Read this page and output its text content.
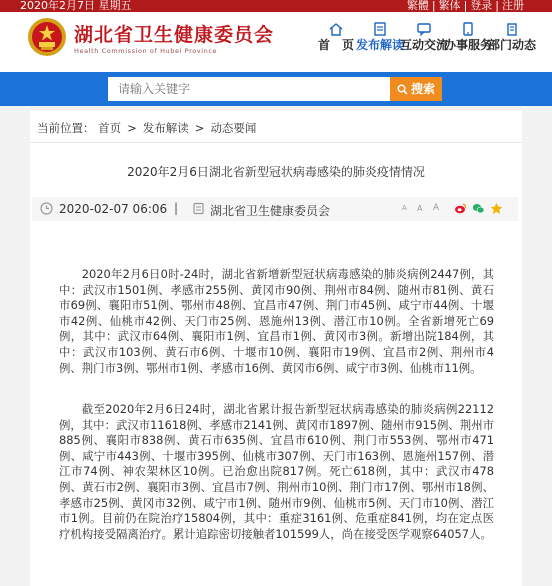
2020年2月7日 星期五	繁體 | 繁体 | 登录 | 注册
湖北省卫生健康委员会
Health Commission of Hubei Province	首　页 发布解读
互动交流
办事服务
部门动态
请输入关键字
搜索
当前位置： 首页 > 发布解读 > 动态要闻
2020年2月6日湖北省新型冠状病毒感染的肺炎疫情情况
2020-02-07 06:06 |	湖北省卫生健康委员会	A A A

2020年2月6日0时-24时，湖北省新增新型冠状病毒感染的肺炎病例2447例，其中：武汉市1501例、孝感市255例、黄冈市90例、荆州市84例、随州市81例、黄石市69例、襄阳市51例、鄂州市48例、宜昌市47例、荆门市45例、咸宁市44例、十堰市42例、仙桃市42例、天门市25例、恩施州13例、潜江市10例。全省新增死亡69例，其中：武汉市64例、襄阳市1例、宜昌市1例、黄冈市3例。新增出院184例，其中：武汉市103例、黄石市6例、十堰市10例、襄阳市19例、宜昌市2例、荆州市4例、荆门市3例、鄂州市1例、孝感市16例、黄冈市6例、咸宁市3例、仙桃市11例。

截至2020年2月6日24时，湖北省累计报告新型冠状病毒感染的肺炎病例22112例，其中：武汉市11618例、孝感市2141例、黄冈市1897例、随州市915例、荆州市885例、襄阳市838例、黄石市635例、宜昌市610例、荆门市553例、鄂州市471例、咸宁市443例、十堰市395例、仙桃市307例、天门市163例、恩施州157例、潜江市74例、神农架林区10例。已治愈出院817例。死亡618例，其中：武汉市478例、黄石市2例、襄阳市3例、宜昌市7例、荆州市10例、荆门市17例、鄂州市18例、孝感市25例、黄冈市32例、咸宁市1例、随州市9例、仙桃市5例、天门市10例、潜江市1例。目前仍在院治疗15804例，其中：重症3161例、危重症841例，均在定点医疗机构接受隔离治疗。累计追踪密切接触者101599人，尚在接受医学观察64057人。
